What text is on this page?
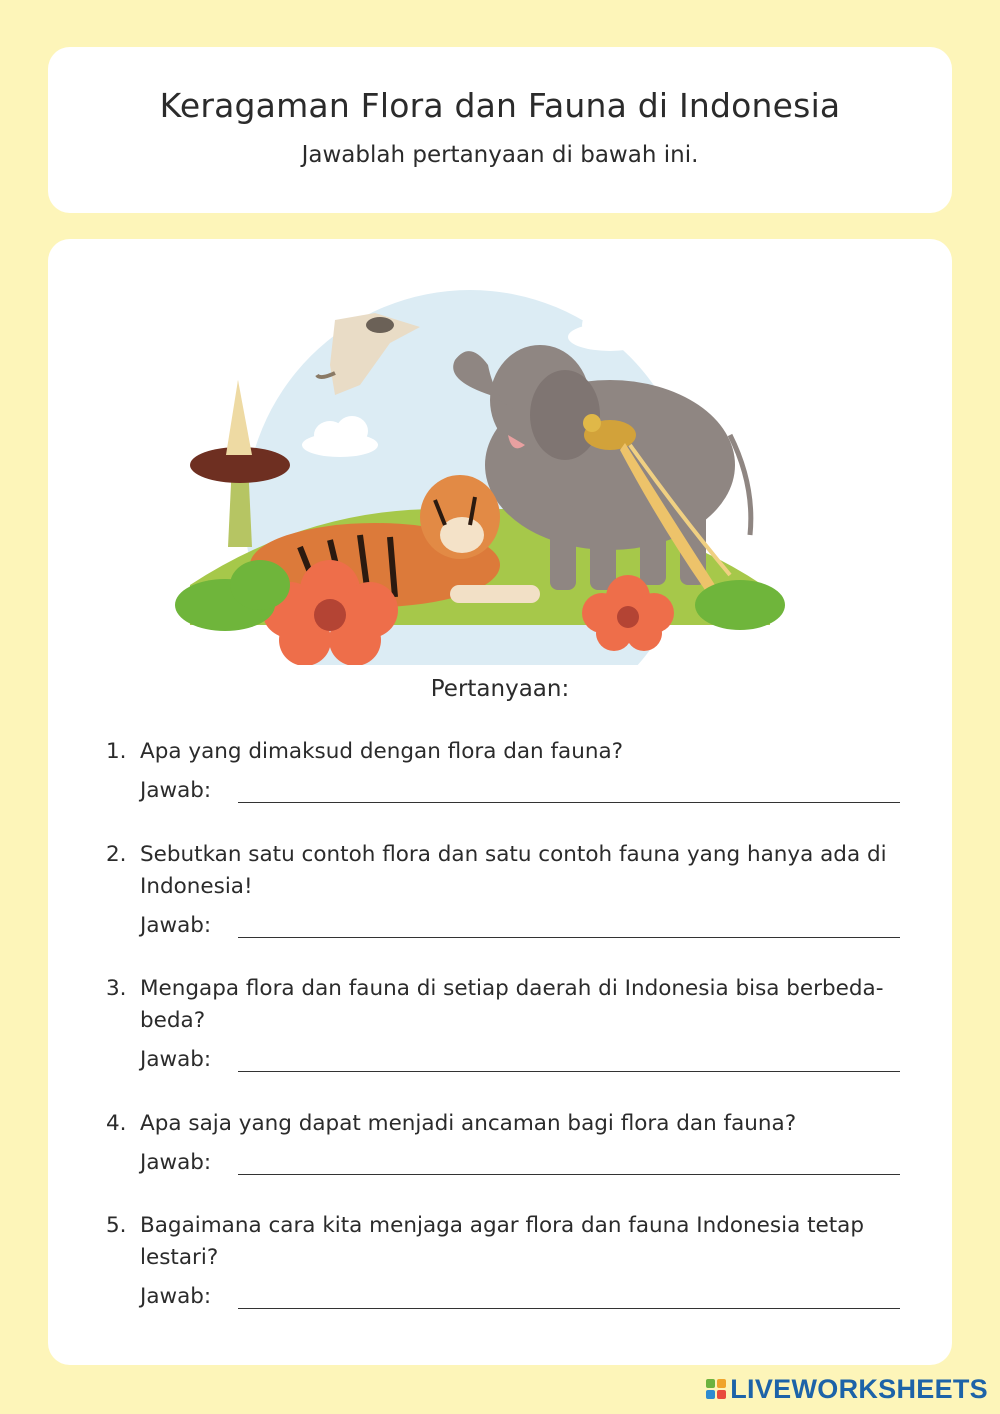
Keragaman Flora dan Fauna di Indonesia
Jawablah pertanyaan di bawah ini.
Pertanyaan:
1. Apa yang dimaksud dengan flora dan fauna?
Jawab:
2. Sebutkan satu contoh flora dan satu contoh fauna yang hanya ada di Indonesia!
Jawab:
3. Mengapa flora dan fauna di setiap daerah di Indonesia bisa berbeda-beda?
Jawab:
4. Apa saja yang dapat menjadi ancaman bagi flora dan fauna?
Jawab:
5. Bagaimana cara kita menjaga agar flora dan fauna Indonesia tetap lestari?
Jawab:
LIVEWORKSHEETS
